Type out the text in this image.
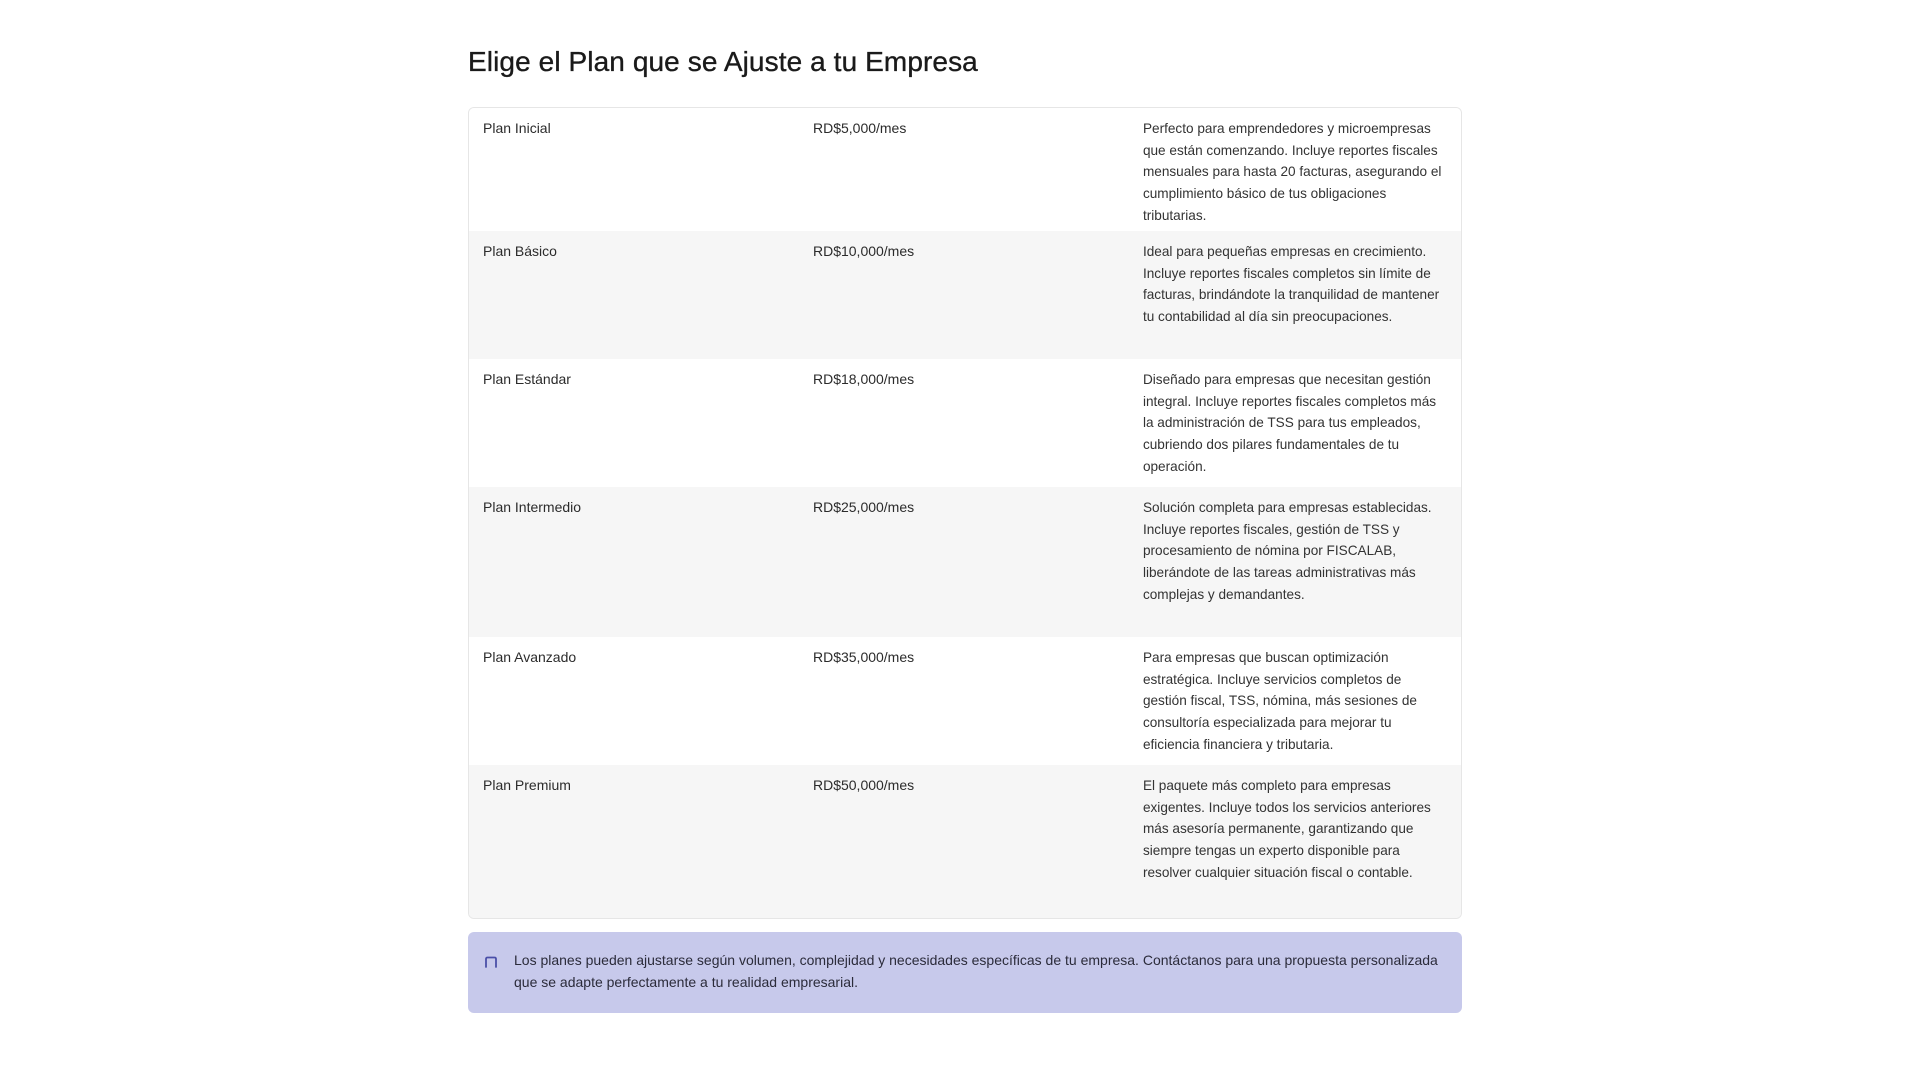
Elige el Plan que se Ajuste a tu Empresa
Plan Inicial	RD$5,000/mes	Perfecto para emprendedores y microempresas que están comenzando. Incluye reportes fiscales mensuales para hasta 20 facturas, asegurando el cumplimiento básico de tus obligaciones tributarias.
Plan Básico	RD$10,000/mes	Ideal para pequeñas empresas en crecimiento. Incluye reportes fiscales completos sin límite de facturas, brindándote la tranquilidad de mantener tu contabilidad al día sin preocupaciones.
Plan Estándar	RD$18,000/mes	Diseñado para empresas que necesitan gestión integral. Incluye reportes fiscales completos más la administración de TSS para tus empleados, cubriendo dos pilares fundamentales de tu operación.
Plan Intermedio	RD$25,000/mes	Solución completa para empresas establecidas. Incluye reportes fiscales, gestión de TSS y procesamiento de nómina por FISCALAB, liberándote de las tareas administrativas más complejas y demandantes.
Plan Avanzado	RD$35,000/mes	Para empresas que buscan optimización estratégica. Incluye servicios completos de gestión fiscal, TSS, nómina, más sesiones de consultoría especializada para mejorar tu eficiencia financiera y tributaria.
Plan Premium	RD$50,000/mes	El paquete más completo para empresas exigentes. Incluye todos los servicios anteriores más asesoría permanente, garantizando que siempre tengas un experto disponible para resolver cualquier situación fiscal o contable.
Los planes pueden ajustarse según volumen, complejidad y necesidades específicas de tu empresa. Contáctanos para una propuesta personalizada que se adapte perfectamente a tu realidad empresarial.
